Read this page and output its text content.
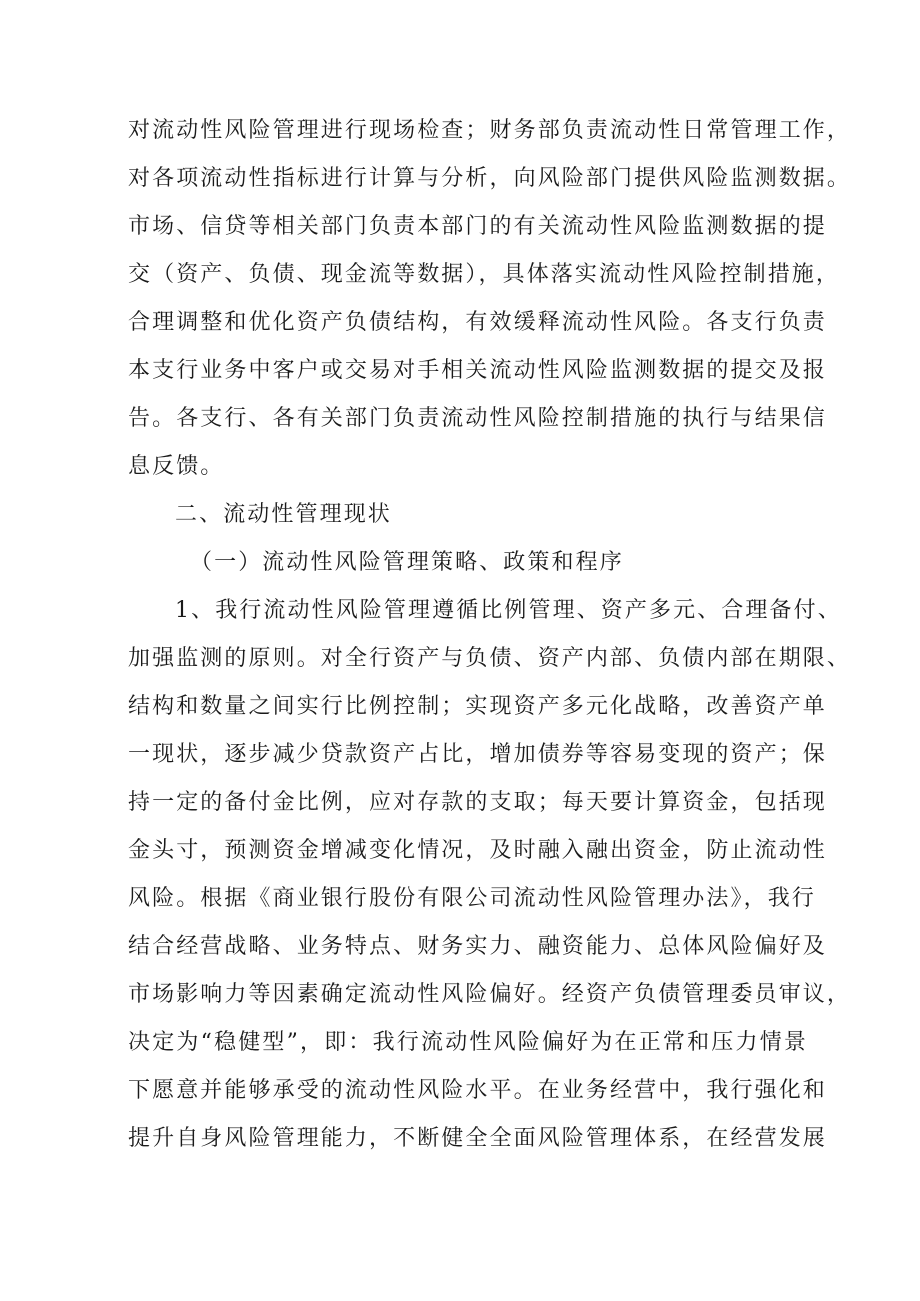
对流动性风险管理进行现场检查；财务部负责流动性日常管理工作，
对各项流动性指标进行计算与分析，向风险部门提供风险监测数据。
市场、信贷等相关部门负责本部门的有关流动性风险监测数据的提
交（资产、负债、现金流等数据），具体落实流动性风险控制措施，
合理调整和优化资产负债结构，有效缓释流动性风险。各支行负责
本支行业务中客户或交易对手相关流动性风险监测数据的提交及报
告。各支行、各有关部门负责流动性风险控制措施的执行与结果信
息反馈。
二、流动性管理现状
（一）流动性风险管理策略、政策和程序
1、我行流动性风险管理遵循比例管理、资产多元、合理备付、
加强监测的原则。对全行资产与负债、资产内部、负债内部在期限、
结构和数量之间实行比例控制；实现资产多元化战略，改善资产单
一现状，逐步减少贷款资产占比，增加债券等容易变现的资产；保
持一定的备付金比例，应对存款的支取；每天要计算资金，包括现
金头寸，预测资金增减变化情况，及时融入融出资金，防止流动性
风险。根据《商业银行股份有限公司流动性风险管理办法》，我行
结合经营战略、业务特点、财务实力、融资能力、总体风险偏好及
市场影响力等因素确定流动性风险偏好。经资产负债管理委员审议，
决定为“稳健型”，即：我行流动性风险偏好为在正常和压力情景
下愿意并能够承受的流动性风险水平。在业务经营中，我行强化和
提升自身风险管理能力，不断健全全面风险管理体系，在经营发展
